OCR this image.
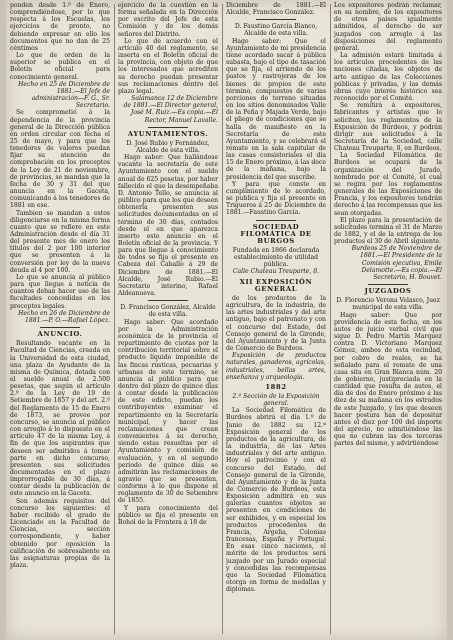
ponden desde 1.º de Enero, comprendiéndose, por lo que respecta á los Escuelas, los ejercicios de pronto, no debiendo expresar en ello los documentos que no dan de 25 céntimos

Lo que de orden de la superior se publica en el Boletín oficial para conocimiento general.

Hecho en 25 de Diciembre de 1881.—El Jefe de administración—F. G., Sr. Secretario.

Se comprometió á la dependencia de la provincia general de la Dirección pública en orden circular con fecha el 25 de mayo, y para que los tenedores de valores puedan fijar su atención de comprobación en los preceptos de la Ley de 21 de noviembre, de provincias, se mandan que la fecha de 30 y 31 del que anuncia en la Gaceta, comunicando á los tenedores de 1881 en ese.

Tambien se mandan a estos diligenciarse en la misma forma cuanto que se refiere en este Administración desde el día 31 del presente mes de enero los títulos del 2 por 100 interior que se presenten á la conversión por ley de la nueva deuda al 4 por 100.

Lo que se anuncia al público para que llegue á noticia de cuantos deban hacer uso de las facultades concedidas en los preceptos legales.

Hecho en 26 de Diciembre de 1881.—P. O.—Rafael López.

ANUNCIO.

Resultando vacante en la Facultad de Ciencias, creada en la Universidad de esta ciudad, una plaza de Ayudante de la misma de Química, dotada con el sueldo anual de 2.500 pesetas, que según el artículo 2.º de la Ley de 19 de Setiembre de 1857 y del art. 2.º del Reglamento de 15 de Enero de 1873, se provee por concurso, se anuncia al público con arreglo á lo dispuesto en el artículo 47 de la misma Ley, á fin de que los aspirantes que deseen ser admitidos á tomar parte en dicho concurso, presenten sus solicitudes documentadas en el plazo improrrogable de 30 días, á contar desde la publicación de este anuncio en la Gaceta.

Son además requisitos del concurso los siguientes: el haber recibido el grado de Licenciado en la Facultad de Ciencias, sección correspondiente, y haber obtenido por oposición la calificación de sobresaliente en las asignaturas propias de la plaza.

ejercicio de la cuestión en la forma señalada en la Dirección por escrito del Jefe de esta Comisión y de los demás señores del Distrito.

Lo que de acuerdo con el artículo 40 del reglamento, se inserta en el Boletín oficial de la provincia, con objeto de que los interesados que acrediten su derecho puedan presentar sus reclamaciones dentro del plazo legal.

Salamanca 12 de Diciembre de 1881.—El Director general, José M. Ruiz.—Es copia.—El Rector, Manuel Lavalle.

AYUNTAMIENTOS.

D. José Rubio y Fernández, Alcalde de esta villa.

Hago saber: Que hallándose vacante la secretaría de este Ayuntamiento con el sueldo anual de 625 pesetas, por haber fallecido el que la desempeñaba D. Antonio Tello, se anuncia al público para que los que deseen obtenerla presenten sus solicitudes documentadas en el término de 30 días, contados desde el en que aparezca inserto este anuncio en el Boletín oficial de la provincia. Y para que llegue á conocimiento de todos se fija el presente en Cabeza del Caballo á 29 de Diciembre de 1881.—El Alcalde, José Rubio.—El Secretario interino, Rafael Aldeanueva.

D. Francisco González, Alcalde de esta villa.

Hago saber: Que acordado por la Administración económica de la provincia el repartimiento de cuotas por la contribución territorial sobre el producto líquido imponible de las fincas rústicas, pecuarias y urbanas de este término, se anuncia al público para que dentro del plazo de quince días á contar desde la publicación de este edicto, puedan los contribuyentes examinar el repartimiento en la Secretaría municipal, y hacer las reclamaciones que crean convenientes á su derecho, siendo estas resueltas por el Ayuntamiento y comisión de evaluación, y en el segundo período de quince días se admitirán las reclamaciones de agravio que se presenten, conforme á lo que dispone el reglamento de 30 de Setiembre de 1855.

Y para conocimiento del público se fija el presente en Bohol de la Frontera á 18 de

Diciembre de 1881.—El Alcalde, Francisco González.

D. Faustino García Blanco, Alcalde de esta villa.

Hago saber: Que el Ayuntamiento de mi presidencia tiene acordado sacar á pública subasta, bajo el tipo de tasación que se fija, el arriendo de los pastos y rastrojeras de los bienes de propios de este término, compuestos de varias porciones de terreno situadas en los sitios denominados Valle de la Peña y Majada Verde, bajo el pliego de condiciones que se halla de manifiesto en la Secretaría de este Ayuntamiento, y se celebrará el remate en la sala capitular de las casas consistoriales el día 15 de Enero próximo, á las doce de la mañana, bajo la presidencia del que suscribe.

Y para que conste en cumplimiento de lo acordado, se publica y fija el presente en Trigueros á 25 de Diciembre de 1881.—Faustino García.

SOCIEDAD FILOMÁTICA DE BURGOS

Fundada en 1866 declarada establecimiento de utilidad pública.

Calle Chateau Treuparte, 8.

XII EXPOSICIÓN GENERAL

de los productos de la agricultura, de la industria, de las artes industriales y del arte antiguo, bajo el patronato y con el concurso del Estado, del Consejo general de la Gironde, del Ayuntamiento y de la Junta de Comercio de Burdeos.

Exposición de productos naturales, ganaderos, agrícolas, industriales, bellas artes, enseñanza y arqueología.

1882

2.º Sección de la Exposición general.

La Sociedad Filomática de Burdeos abrirá el día 1.º de Junio de 1882 su 12.ª Exposición general de los productos de la agricultura, de la industria, de las Artes industriales y del arte antiguo. Hoy el patrocinio y con el concurso del Estado, del Consejo general de la Gironde, del Ayuntamiento y de la Junta de Comercio de Burdeos, esta Exposición admitirá en sus galerías cuantos objetos se presenten en condiciones de ser exhibidos, y en especial los productos procedentes de Francia, Argelia, Colonias francesas, España y Portugal. En esas cinco naciones, el mérito de los productos será juzgado por un Jurado especial y concedidas las recompensas que la Sociedad Filomática otorga en forma de medallas y diplomas.

Los expositores podrán reclamar, en su nombre, de los expositores de otros países igualmente admitidos, el derecho de ser juzgados con arreglo á las disposiciones del reglamento general.

La admisión estará limitada á los artículos procedentes de las naciones citadas, los objetos de arte antiguo de las Colecciones públicas y privadas, y las demás obras cuyo interés histórico sea reconocido por el Comité.

Se remitirá á expositores, fabricantes y artistas que lo soliciten, los reglamentos de la Exposición de Burdeos, y podrán dirigir sus solicitudes á la Secretaría de la Sociedad, calle Chateau Treuparte, 8, en Burdeos.

La Sociedad Filomática de Burdeos se ocupará de la organización del Jurado, nombrado por el Comité, el cual se regirá por los reglamentos generales de las Exposiciones de Francia, y los expositores tendrán derecho á las recompensas que les sean otorgadas.

El plazo para la presentación de solicitudes termina el 31 de Marzo de 1882, y el de la entrega de los productos el 30 de Abril siguiente.

Burdeos 25 de Noviembre de 1881.—El Presidente de la Comisión ejecutiva, Emile Delamotte.—Es copia.—El Secretario, H. Bouvet.

JUZGADOS

D. Florencio Verona Velasco, Juez municipal de esta villa.

Hago saber: Que por providencia de esta fecha, en los autos de juicio verbal civil que sigue D. Pedro Martín Marquez contra D. Victoriano Marquez Gómez, ambos de esta vecindad, por cobro de reales, se ha señalado para el remate de una casa sita en Gran Blanca núm. 20 de gobierno, justipreciada en la cantidad que resulta de autos, el día de dos de Enero próximo á las diez de su mañana en los estrados de este Juzgado, y los que deseen hacer postura han de depositar antes el diez por 100 del importe del aprecio, no admitiéndose las que no cubran las dos terceras partes del mismo, y advirtiéndose
